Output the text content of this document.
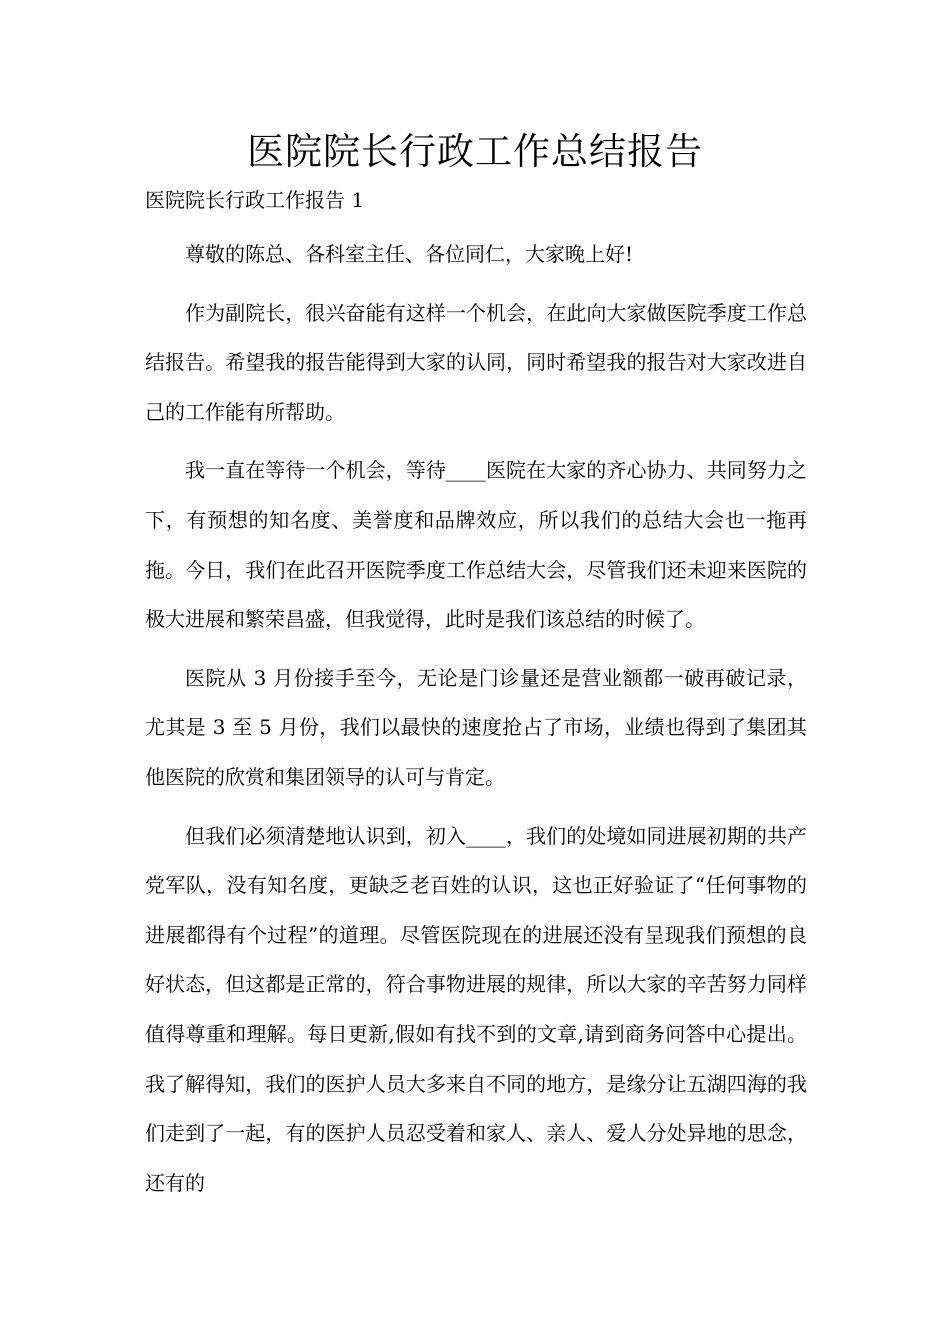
医院院长行政工作总结报告

医院院长行政工作报告 1

尊敬的陈总、各科室主任、各位同仁，大家晚上好!

作为副院长，很兴奋能有这样一个机会，在此向大家做医院季度工作总结报告。希望我的报告能得到大家的认同，同时希望我的报告对大家改进自己的工作能有所帮助。

我一直在等待一个机会，等待____医院在大家的齐心协力、共同努力之下，有预想的知名度、美誉度和品牌效应，所以我们的总结大会也一拖再拖。今日，我们在此召开医院季度工作总结大会，尽管我们还未迎来医院的极大进展和繁荣昌盛，但我觉得，此时是我们该总结的时候了。

医院从 3 月份接手至今，无论是门诊量还是营业额都一破再破记录，尤其是 3 至 5 月份，我们以最快的速度抢占了市场，业绩也得到了集团其他医院的欣赏和集团领导的认可与肯定。

但我们必须清楚地认识到，初入____，我们的处境如同进展初期的共产党军队，没有知名度，更缺乏老百姓的认识，这也正好验证了“任何事物的进展都得有个过程”的道理。尽管医院现在的进展还没有呈现我们预想的良好状态，但这都是正常的，符合事物进展的规律，所以大家的辛苦努力同样值得尊重和理解。每日更新,假如有找不到的文章,请到商务问答中心提出。我了解得知，我们的医护人员大多来自不同的地方，是缘分让五湖四海的我们走到了一起，有的医护人员忍受着和家人、亲人、爱人分处异地的思念，还有的
